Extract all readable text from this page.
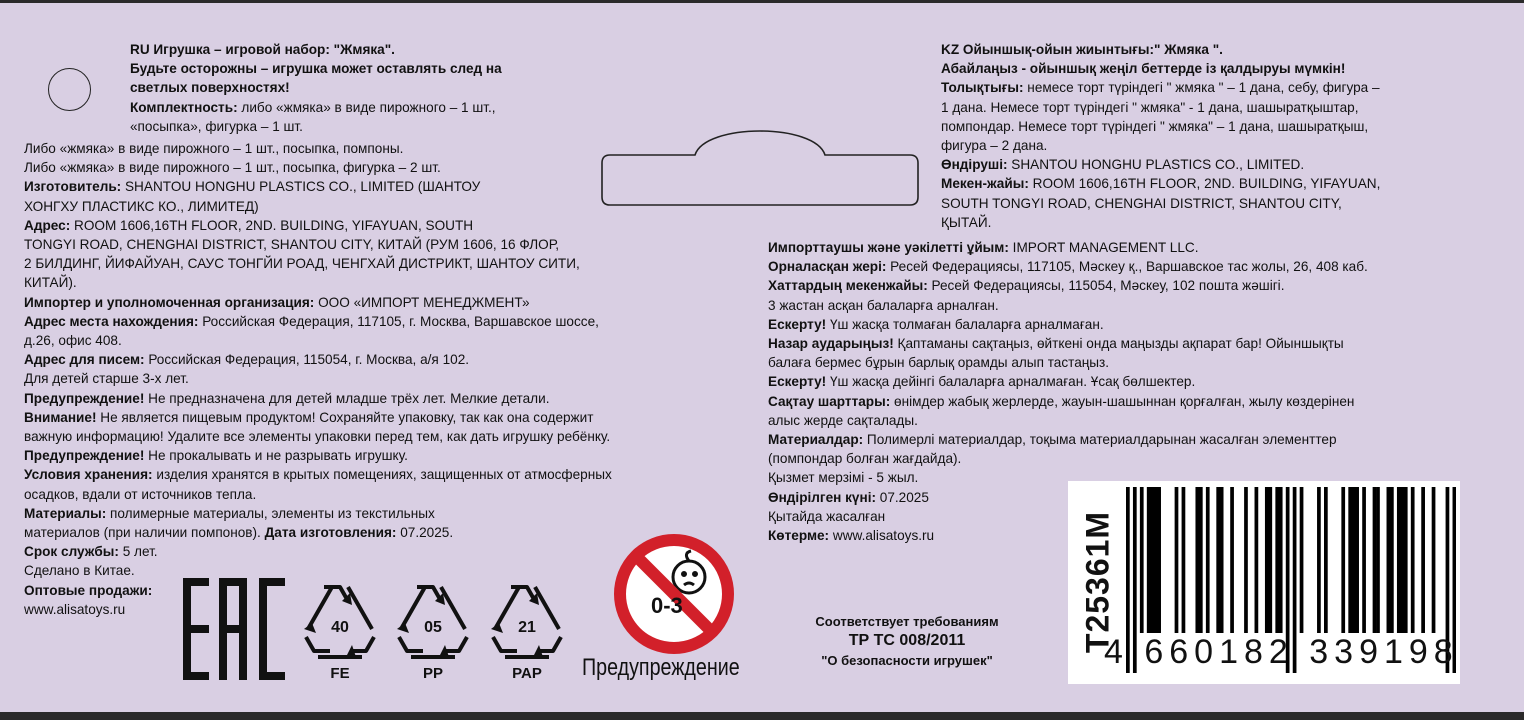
RU Игрушка – игровой набор: "Жмяка".

Будьте осторожны – игрушка может оставлять след на

светлых поверхностях!

Комплектность: либо «жмяка» в виде пирожного – 1 шт.,

«посыпка», фигурка – 1 шт.

Либо «жмяка» в виде пирожного – 1 шт., посыпка, помпоны.

Либо «жмяка» в виде пирожного – 1 шт., посыпка, фигурка – 2 шт.

Изготовитель: SHANTOU HONGHU PLASTICS CO., LIMITED (ШАНТОУ

ХОНГХУ ПЛАСТИКС КО., ЛИМИТЕД)

Адрес: ROOM 1606,16TH FLOOR, 2ND. BUILDING, YIFAYUAN, SOUTH

TONGYI ROAD, CHENGHAI DISTRICT, SHANTOU CITY, КИТАЙ (РУМ 1606, 16 ФЛОР,

2 БИЛДИНГ, ЙИФАЙУАН, САУС ТОНГЙИ РОАД, ЧЕНГХАЙ ДИСТРИКТ, ШАНТОУ СИТИ,

КИТАЙ).

Импортер и уполномоченная организация: ООО «ИМПОРТ МЕНЕДЖМЕНТ»

Адрес места нахождения: Российская Федерация, 117105, г. Москва, Варшавское шоссе,

д.26, офис 408.

Адрес для писем: Российская Федерация, 115054, г. Москва, а/я 102.

Для детей старше 3-х лет.

Предупреждение! Не предназначена для детей младше трёх лет. Мелкие детали.

Внимание! Не является пищевым продуктом! Сохраняйте упаковку, так как она содержит

важную информацию! Удалите все элементы упаковки перед тем, как дать игрушку ребёнку.

Предупреждение! Не прокалывать и не разрывать игрушку.

Условия хранения: изделия хранятся в крытых помещениях, защищенных от атмосферных

осадков, вдали от источников тепла.

Материалы: полимерные материалы, элементы из текстильных

материалов (при наличии помпонов). Дата изготовления: 07.2025.

Срок службы: 5 лет.

Сделано в Китае.

Оптовые продажи:

www.alisatoys.ru

KZ Ойыншық-ойын жиынтығы:" Жмяка ".

Абайлаңыз - ойыншық жеңіл беттерде із қалдыруы мүмкін!

Толықтығы: немесе торт түріндегі " жмяка " – 1 дана, себу, фигура –

1 дана. Немесе торт түріндегі " жмяка" - 1 дана, шашыратқыштар,

помпондар. Немесе торт түріндегі " жмяка" – 1 дана, шашыратқыш,

фигура – 2 дана.

Өндіруші: SHANTOU HONGHU PLASTICS CO., LIMITED.

Мекен-жайы: ROOM 1606,16TH FLOOR, 2ND. BUILDING, YIFAYUAN,

SOUTH TONGYI ROAD, CHENGHAI DISTRICT, SHANTOU CITY,

ҚЫТАЙ.

Импорттаушы және уәкілетті ұйым: IMPORT MANAGEMENT LLC.

Орналасқан жері: Ресей Федерациясы, 117105, Мәскеу қ., Варшавское тас жолы, 26, 408 каб.

Хаттардың мекенжайы: Ресей Федерациясы, 115054, Мәскеу, 102 пошта жәшігі.

3 жастан асқан балаларға арналған.

Ескерту! Үш жасқа толмаған балаларға арналмаған.

Назар аударыңыз! Қаптаманы сақтаңыз, өйткені онда маңызды ақпарат бар! Ойыншықты

балаға бермес бұрын барлық орамды алып тастаңыз.

Ескерту! Үш жасқа дейінгі балаларға арналмаған. Ұсақ бөлшектер.

Сақтау шарттары: өнімдер жабық жерлерде, жауын-шашыннан қорғалған, жылу көздерінен

алыс жерде сақталады.

Материалдар: Полимерлі материалдар, тоқыма материалдарынан жасалған элементтер

(помпондар болған жағдайда).

Қызмет мерзімі - 5 жыл.

Өндірілген күні: 07.2025

Қытайда жасалған

Көтерме: www.alisatoys.ru

40
FE
05
PP
21
PAP
0-3
Предупреждение
Соответствует требованиям
ТР ТС 008/2011
"О безопасности игрушек"
T25361M
4 660182 339198
